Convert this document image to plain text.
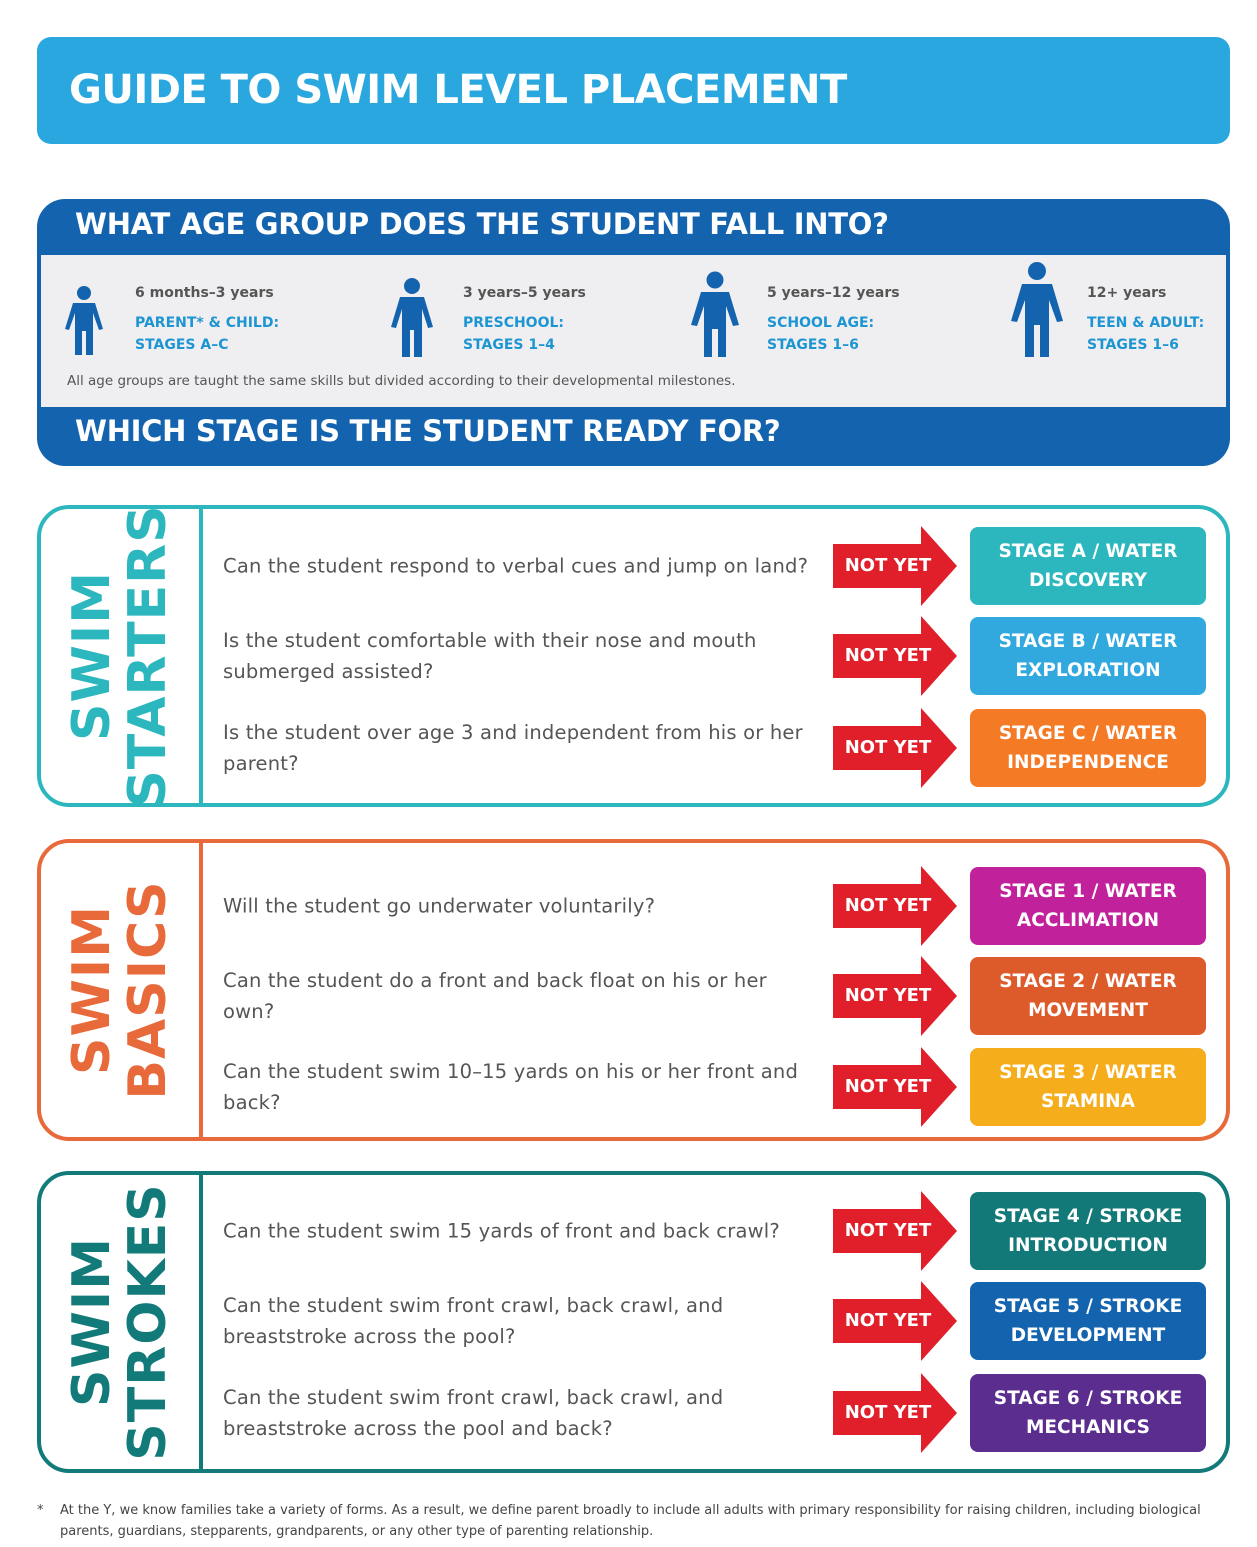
GUIDE TO SWIM LEVEL PLACEMENT
WHAT AGE GROUP DOES THE STUDENT FALL INTO?
6 months–3 years
PARENT* & CHILD:
STAGES A–C
3 years–5 years
PRESCHOOL:
STAGES 1–4
5 years–12 years
SCHOOL AGE:
STAGES 1–6
12+ years
TEEN & ADULT:
STAGES 1–6
All age groups are taught the same skills but divided according to their developmental milestones.
WHICH STAGE IS THE STUDENT READY FOR?
SWIM
STARTERS Can the student respond to verbal cues and jump on land?	NOT YET
STAGE A / WATER DISCOVERY
Is the student comfortable with their nose and mouth submerged assisted?
NOT YET
STAGE B / WATER EXPLORATION
Is the student over age 3 and independent from his or her parent?
NOT YET
STAGE C / WATER INDEPENDENCE
SWIM
BASICS Will the student go underwater voluntarily?	NOT YET
STAGE 1 / WATER ACCLIMATION
Can the student do a front and back float on his or her own?
NOT YET
STAGE 2 / WATER MOVEMENT
Can the student swim 10–15 yards on his or her front and back?
NOT YET
STAGE 3 / WATER STAMINA
SWIM
STROKES Can the student swim 15 yards of front and back crawl?	NOT YET
STAGE 4 / STROKE INTRODUCTION
Can the student swim front crawl, back crawl, and breaststroke across the pool?
NOT YET
STAGE 5 / STROKE DEVELOPMENT
Can the student swim front crawl, back crawl, and breaststroke across the pool and back?
NOT YET
STAGE 6 / STROKE MECHANICS
* At the Y, we know families take a variety of forms. As a result, we define parent broadly to include all adults with primary responsibility for raising children, including biological parents, guardians, stepparents, grandparents, or any other type of parenting relationship.
